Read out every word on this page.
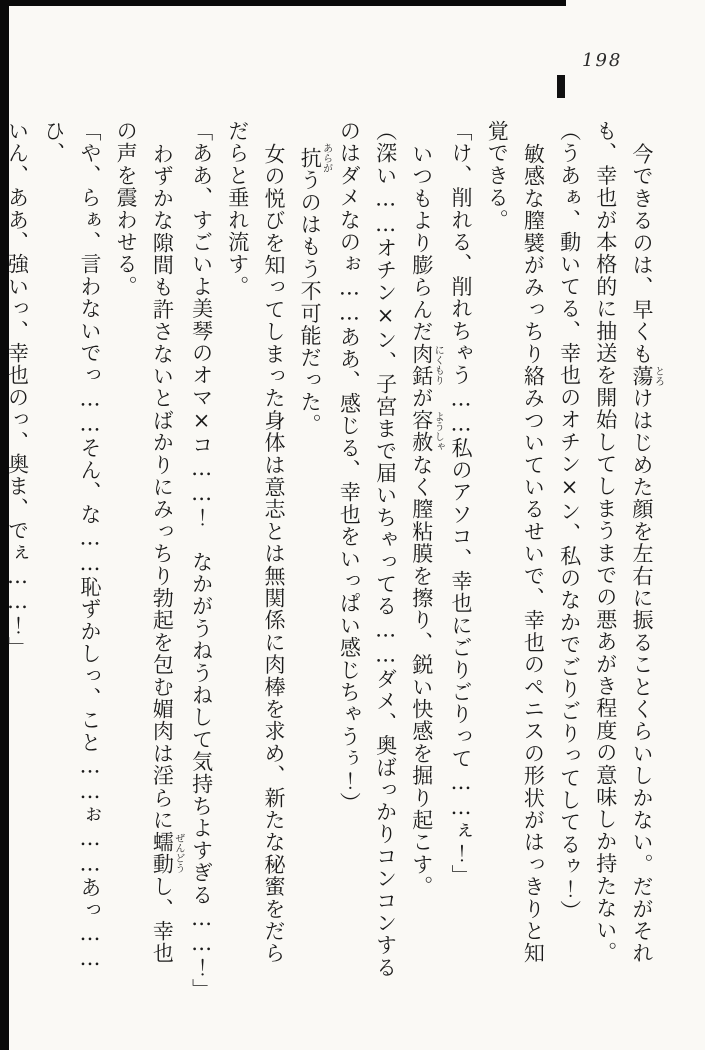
198
今できるのは、早くも蕩とろけはじめた顔を左右に振ることくらいしかない。だがそれ
も、幸也が本格的に抽送を開始してしまうまでの悪あがき程度の意味しか持たない。
（うあぁ、動いてる、幸也のオチン×ン、私のなかでごりごりってしてるゥ！）
敏感な膣襞がみっちり絡みついているせいで、幸也のペニスの形状がはっきりと知
覚できる。
「け、削れる、削れちゃう……私のアソコ、幸也にごりごりって……ぇ！」
いつもより膨らんだ肉銛にくもりが容赦ようしゃなく膣粘膜を擦り、鋭い快感を掘り起こす。
（深い……オチン×ン、子宮まで届いちゃってる……ダメ、奥ばっかりコンコンする
のはダメなのぉ……ああ、感じる、幸也をいっぱい感じちゃうぅ！）
抗あらがうのはもう不可能だった。
女の悦びを知ってしまった身体は意志とは無関係に肉棒を求め、新たな秘蜜をだら
だらと垂れ流す。
「ああ、すごいよ美琴のオマ×コ……！　なかがうねうねして気持ちよすぎる……！」
わずかな隙間も許さないとばかりにみっちり勃起を包む媚肉は淫らに蠕動ぜんどうし、幸也
の声を震わせる。
「や、らぁ、言わないでっ……そん、な……恥ずかしっ、こと……ぉ……あっ……ひ、
いん、ああ、強いっ、幸也のっ、奥ま、でぇ……！」
